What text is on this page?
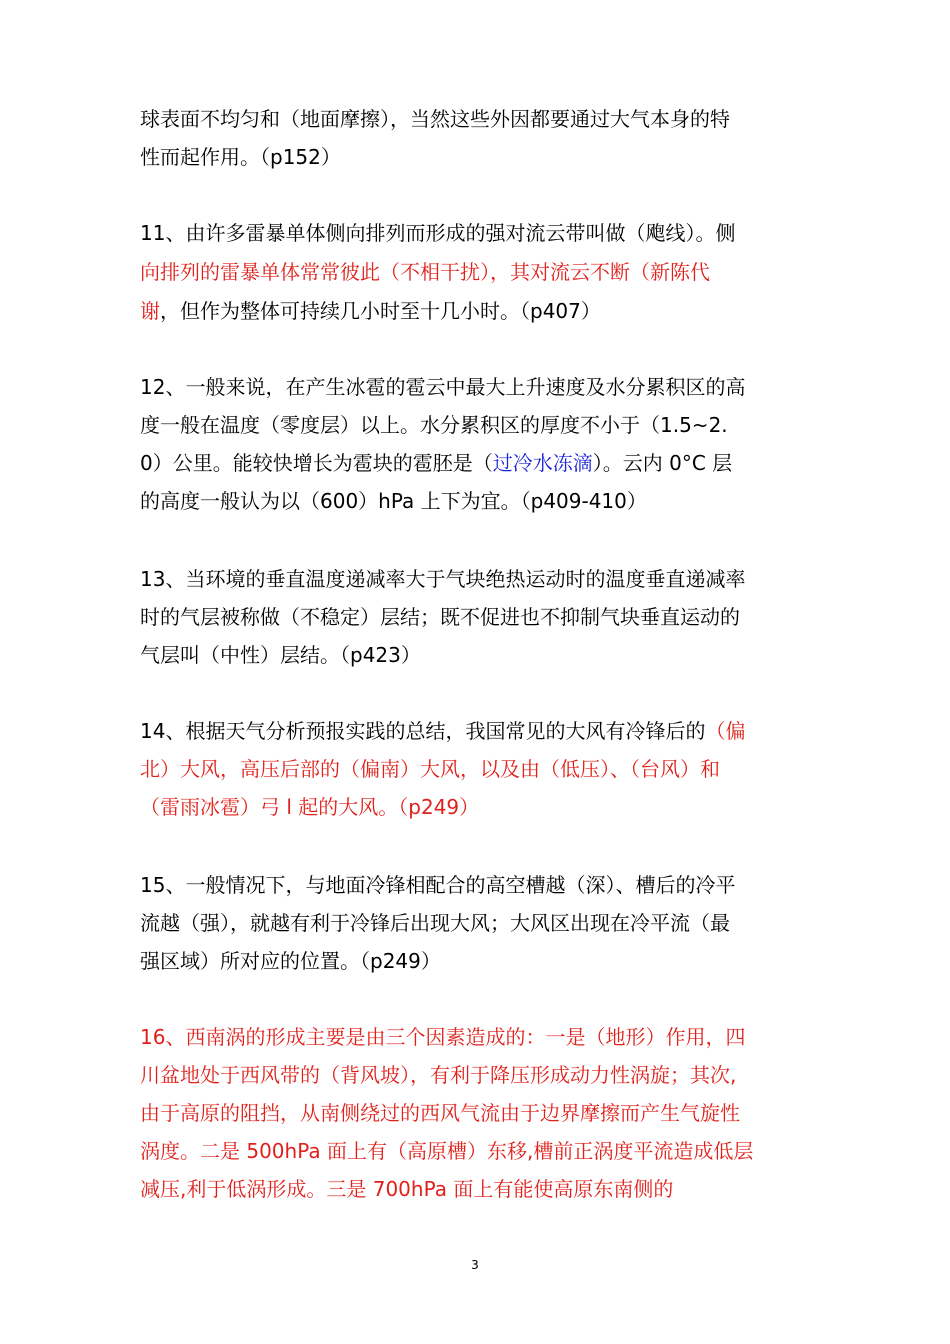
球表面不均匀和（地面摩擦），当然这些外因都要通过大气本身的特
性而起作用。（p152）
11、由许多雷暴单体侧向排列而形成的强对流云带叫做（飑线）。侧
向排列的雷暴单体常常彼此（不相干扰），其对流云不断（新陈代
谢，但作为整体可持续几小时至十几小时。（p407）
12、一般来说，在产生冰雹的雹云中最大上升速度及水分累积区的高
度一般在温度（零度层）以上。水分累积区的厚度不小于（1.5~2.
0）公里。能较快增长为雹块的雹胚是（过冷水冻滴）。云内 0°C 层
的高度一般认为以（600）hPa 上下为宜。（p409-410）
13、当环境的垂直温度递减率大于气块绝热运动时的温度垂直递减率
时的气层被称做（不稳定）层结；既不促进也不抑制气块垂直运动的
气层叫（中性）层结。（p423）
14、根据天气分析预报实践的总结，我国常见的大风有冷锋后的（偏
北）大风，高压后部的（偏南）大风，以及由（低压）、（台风）和
（雷雨冰雹）弓 l 起的大风。（p249）
15、一般情况下，与地面冷锋相配合的高空槽越（深）、槽后的冷平
流越（强），就越有利于冷锋后出现大风；大风区出现在冷平流（最
强区域）所对应的位置。（p249）
16、西南涡的形成主要是由三个因素造成的：一是（地形）作用，四
川盆地处于西风带的（背风坡），有利于降压形成动力性涡旋；其次,
由于高原的阻挡，从南侧绕过的西风气流由于边界摩擦而产生气旋性
涡度。二是 500hPa 面上有（高原槽）东移,槽前正涡度平流造成低层
减压,利于低涡形成。三是 700hPa 面上有能使高原东南侧的
3
